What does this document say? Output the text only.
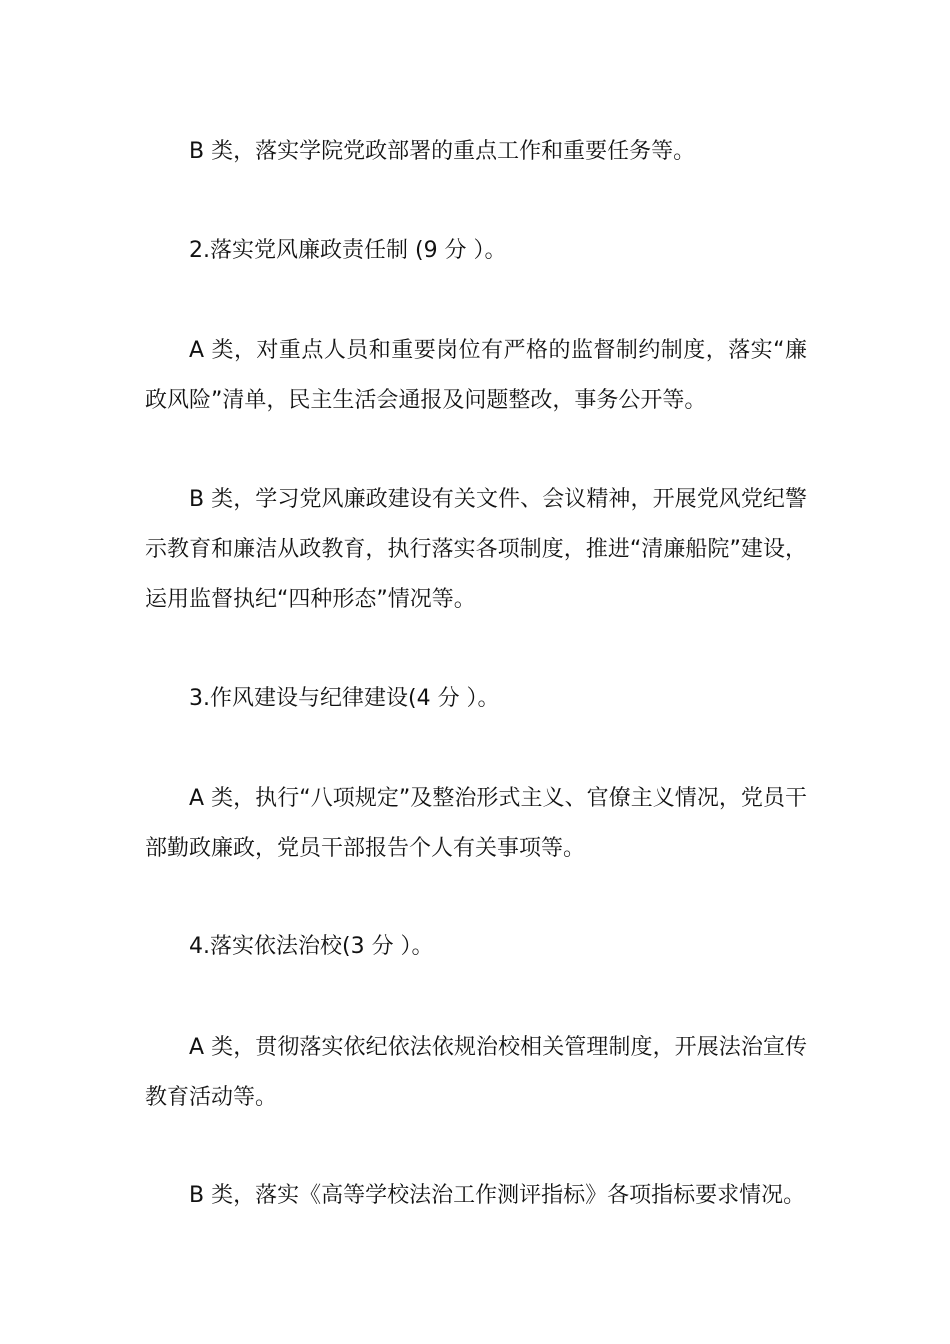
B 类，落实学院党政部署的重点工作和重要任务等。

2.落实党风廉政责任制 (9 分 ）。

A 类，对重点人员和重要岗位有严格的监督制约制度，落实“廉政风险”清单，民主生活会通报及问题整改，事务公开等。

B 类，学习党风廉政建设有关文件、会议精神，开展党风党纪警示教育和廉洁从政教育，执行落实各项制度，推进“清廉船院”建设，运用监督执纪“四种形态”情况等。

3.作风建设与纪律建设(4 分 ）。

A 类，执行“八项规定”及整治形式主义、官僚主义情况，党员干部勤政廉政，党员干部报告个人有关事项等。

4.落实依法治校(3 分 ）。

A 类，贯彻落实依纪依法依规治校相关管理制度，开展法治宣传教育活动等。

B 类，落实《高等学校法治工作测评指标》各项指标要求情况。
